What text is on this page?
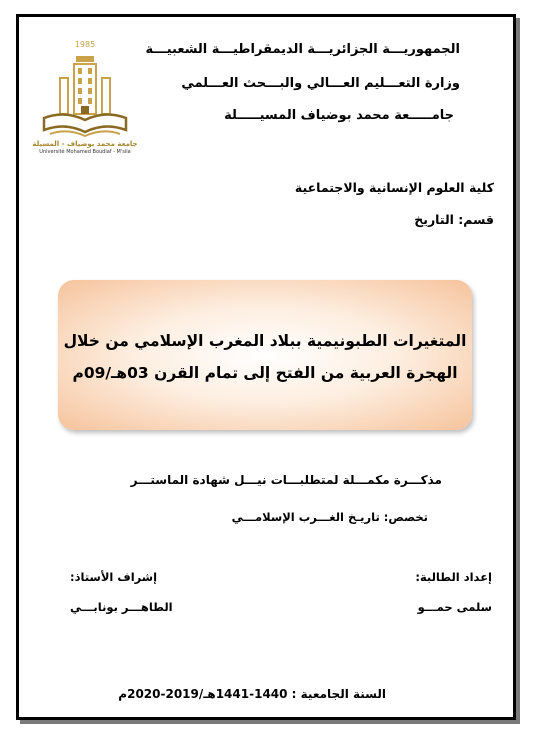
1985
جامعة محمد بوضياف - المسيلة
Université Mohamed Boudiaf - M'sila
الجمهوريـــة الجزائريـــة الديمقراطيـــة الشعبيـــة
وزارة التعـــليم العـــالي والبـــحث العـــلمي
جامـــــعة محمد بوضياف المسيـــــلة
كلية العلوم الإنسانية والاجتماعية
قسم: التاريخ
المتغيرات الطبونيمية ببلاد المغرب الإسلامي من خلال
الهجرة العربية من الفتح إلى تمام القرن 03هـ/09م
مذكـــرة مكمـــلة لمتطلبـــات نيـــل شهادة الماستـــر
تخصص: تاريـخ الغـــرب الإسلامـــي
إعداد الطالبة:
إشراف الأستاذ:
سلمى حمـــو
الطاهـــر بونابـــي
السنة الجامعية : 1440-1441هـ/2019-2020م
